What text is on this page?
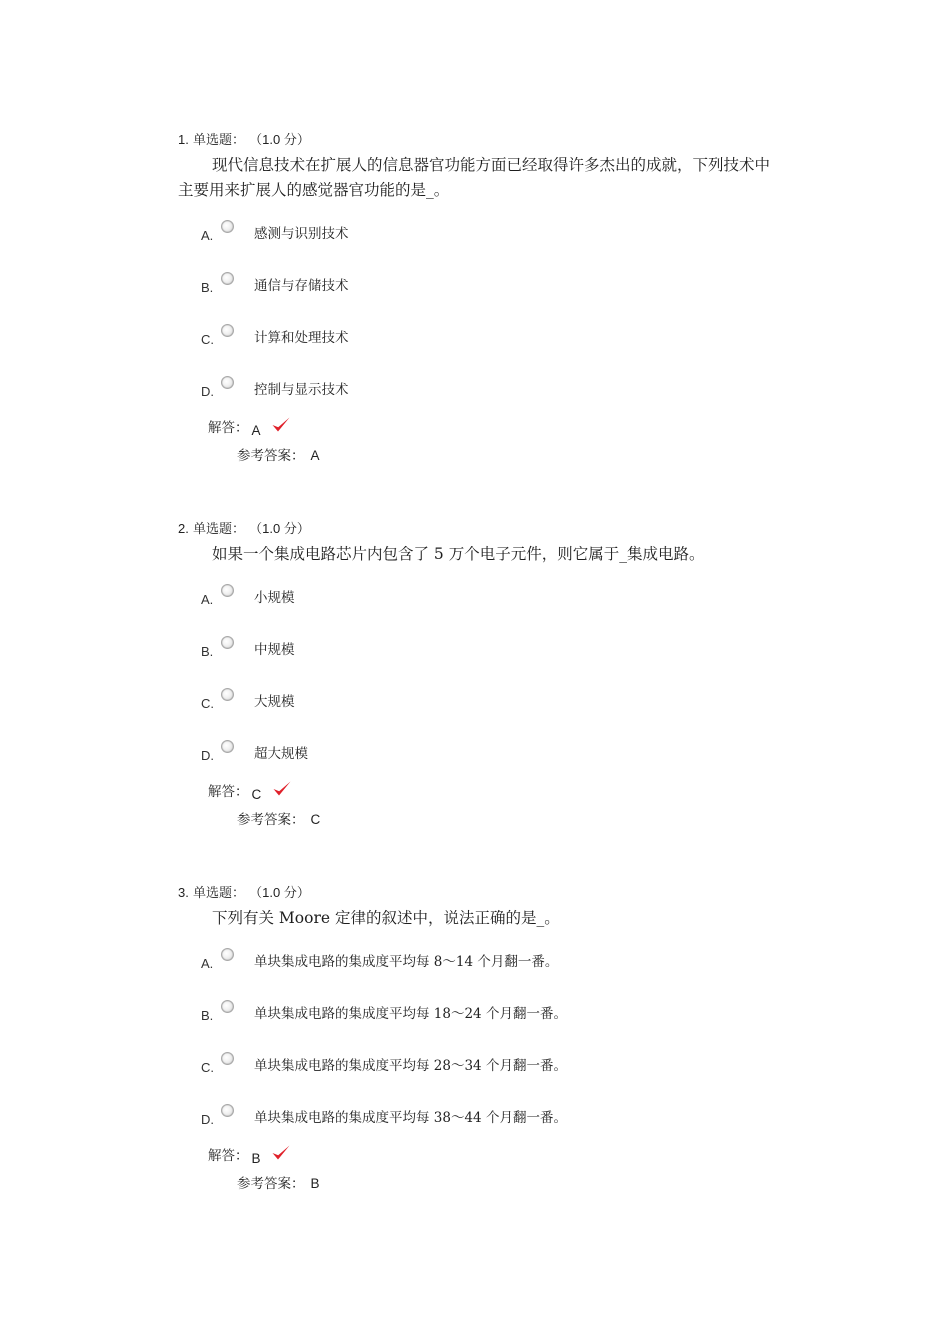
1. 单选题： （1.0 分）
现代信息技术在扩展人的信息器官功能方面已经取得许多杰出的成就，下列技术中主要用来扩展人的感觉器官功能的是_。
A.	感测与识别技术
B.	通信与存储技术
C.	计算和处理技术
D.	控制与显示技术
解答： A
参考答案： A
2. 单选题： （1.0 分）
如果一个集成电路芯片内包含了 5 万个电子元件，则它属于_集成电路。
A.	小规模
B.	中规模
C.	大规模
D.	超大规模
解答： C
参考答案： C
3. 单选题： （1.0 分）
下列有关 Moore 定律的叙述中，说法正确的是_。
A.	单块集成电路的集成度平均每 8～14 个月翻一番。
B.	单块集成电路的集成度平均每 18～24 个月翻一番。
C.	单块集成电路的集成度平均每 28～34 个月翻一番。
D.	单块集成电路的集成度平均每 38～44 个月翻一番。
解答： B
参考答案： B
